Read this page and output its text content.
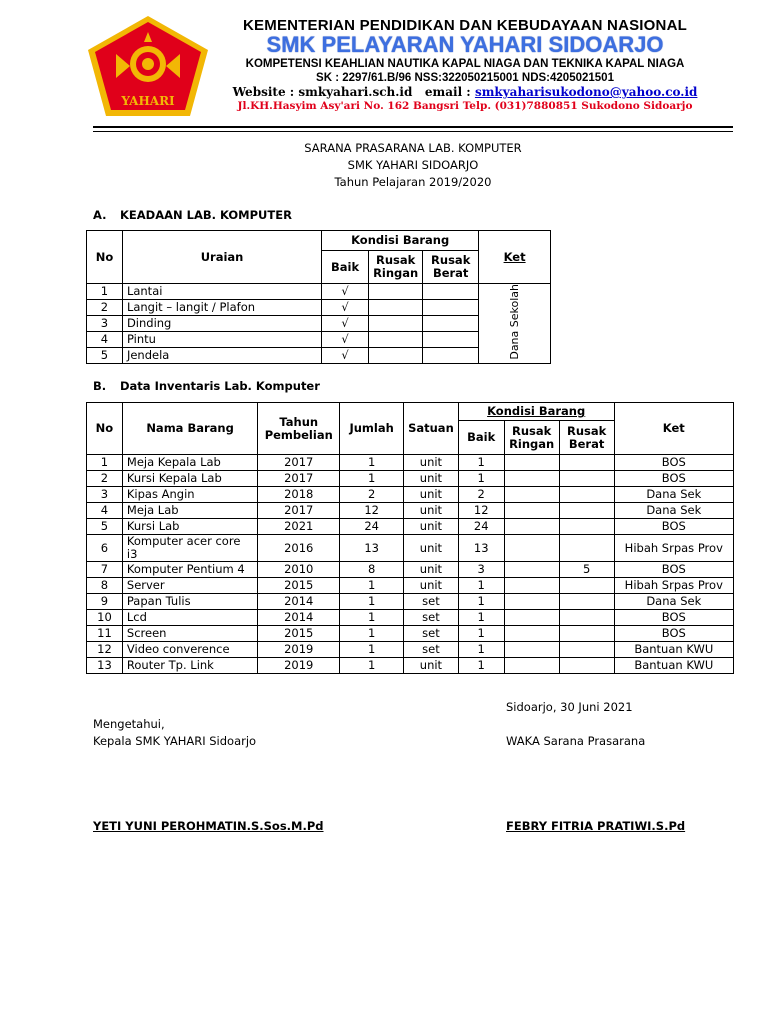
YAHARI
KEMENTERIAN PENDIDIKAN DAN KEBUDAYAAN NASIONAL
SMK PELAYARAN YAHARI SIDOARJO
KOMPETENSI KEAHLIAN NAUTIKA KAPAL NIAGA DAN TEKNIKA KAPAL NIAGA
SK : 2297/61.B/96 NSS:322050215001 NDS:4205021501
Website : smkyahari.sch.id email : smkyaharisukodono@yahoo.co.id
Jl.KH.Hasyim Asy'ari No. 162 Bangsri Telp. (031)7880851 Sukodono Sidoarjo
SARANA PRASARANA LAB. KOMPUTER
SMK YAHARI SIDOARJO
Tahun Pelajaran 2019/2020
A. KEADAAN LAB. KOMPUTER
No	Uraian	Kondisi Barang			Ket
		Baik	Rusak Ringan	Rusak Berat	
1	Lantai	√			Dana Sekolah
2	Langit – langit / Plafon	√			
3	Dinding	√			
4	Pintu	√			
5	Jendela	√			
B. Data Inventaris Lab. Komputer
No	Nama Barang	Tahun Pembelian	Jumlah	Satuan	Kondisi Barang			Ket
					Baik	Rusak Ringan	Rusak Berat	
1	Meja Kepala Lab	2017	1	unit	1			BOS
2	Kursi Kepala Lab	2017	1	unit	1			BOS
3	Kipas Angin	2018	2	unit	2			Dana Sek
4	Meja Lab	2017	12	unit	12			Dana Sek
5	Kursi Lab	2021	24	unit	24			BOS
6	Komputer acer core i3	2016	13	unit	13			Hibah Srpas Prov
7	Komputer Pentium 4	2010	8	unit	3		5	BOS
8	Server	2015	1	unit	1			Hibah Srpas Prov
9	Papan Tulis	2014	1	set	1			Dana Sek
10	Lcd	2014	1	set	1			BOS
11	Screen	2015	1	set	1			BOS
12	Video converence	2019	1	set	1			Bantuan KWU
13	Router Tp. Link	2019	1	unit	1			Bantuan KWU
Sidoarjo, 30 Juni 2021
Mengetahui,
Kepala SMK YAHARI Sidoarjo	WAKA Sarana Prasarana
YETI YUNI PEROHMATIN.S.Sos.M.Pd	FEBRY FITRIA PRATIWI.S.Pd
